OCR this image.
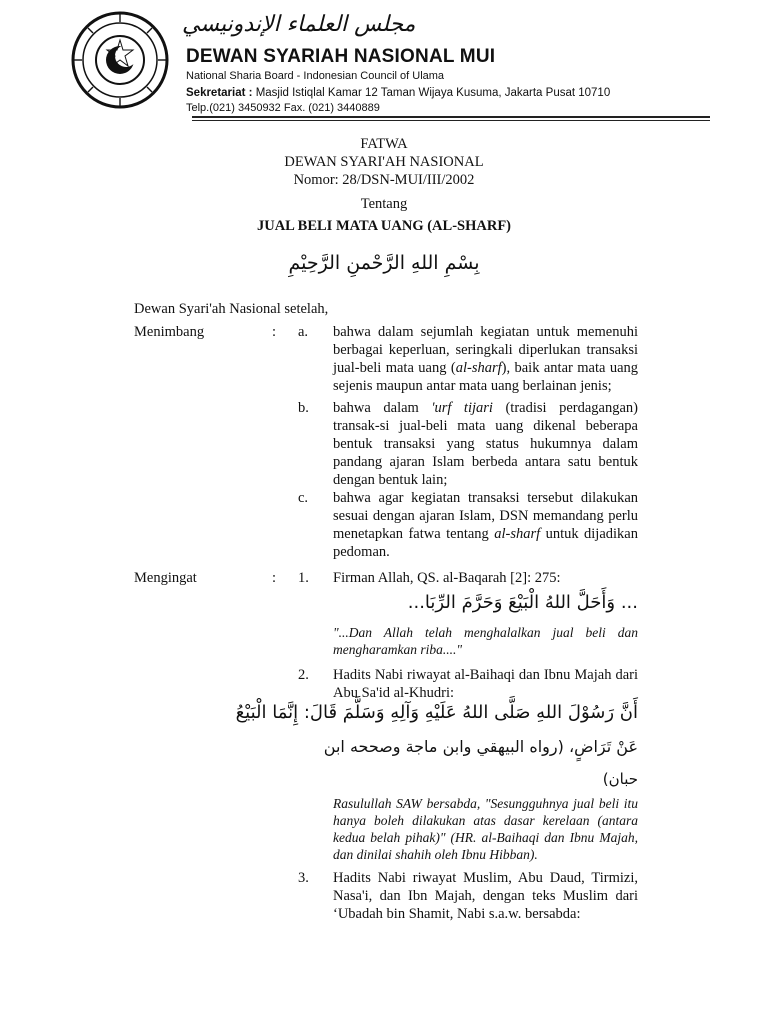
مجلس العلماء الإندونيسي
DEWAN SYARIAH NASIONAL MUI
National Sharia Board - Indonesian Council of Ulama
Sekretariat : Masjid Istiqlal Kamar 12 Taman Wijaya Kusuma, Jakarta Pusat 10710
Telp.(021) 3450932 Fax. (021) 3440889
FATWA
DEWAN SYARI'AH NASIONAL
Nomor: 28/DSN-MUI/III/2002
Tentang
JUAL BELI MATA UANG (AL-SHARF)
بِسْمِ اللهِ الرَّحْمنِ الرَّحِيْمِ
Dewan Syari'ah Nasional setelah,
Menimbang	: a. bahwa dalam sejumlah kegiatan untuk memenuhi berbagai keperluan, seringkali diperlukan transaksi jual-beli mata uang (al-sharf), baik antar mata uang sejenis maupun antar mata uang berlainan jenis;
b. bahwa dalam 'urf tijari (tradisi perdagangan) transak-si jual-beli mata uang dikenal beberapa bentuk transaksi yang status hukumnya dalam pandang ajaran Islam berbeda antara satu bentuk dengan bentuk lain;
c. bahwa agar kegiatan transaksi tersebut dilakukan sesuai dengan ajaran Islam, DSN memandang perlu menetapkan fatwa tentang al-sharf untuk dijadikan pedoman.
Mengingat	: 1. Firman Allah, QS. al-Baqarah [2]: 275:
... وَأَحَلَّ اللهُ الْبَيْعَ وَحَرَّمَ الرِّبَا...
"...Dan Allah telah menghalalkan jual beli dan mengharamkan riba...."
2. Hadits Nabi riwayat al-Baihaqi dan Ibnu Majah dari Abu Sa'id al-Khudri:
أَنَّ رَسُوْلَ اللهِ صَلَّى اللهُ عَلَيْهِ وَآلِهِ وَسَلَّمَ قَالَ: إِنَّمَا الْبَيْعُ
عَنْ تَرَاضٍ، (رواه البيهقي وابن ماجة وصححه ابن
حبان)
Rasulullah SAW bersabda, "Sesungguhnya jual beli itu hanya boleh dilakukan atas dasar kerelaan (antara kedua belah pihak)" (HR. al-Baihaqi dan Ibnu Majah, dan dinilai shahih oleh Ibnu Hibban).
3. Hadits Nabi riwayat Muslim, Abu Daud, Tirmizi, Nasa'i, dan Ibn Majah, dengan teks Muslim dari ‘Ubadah bin Shamit, Nabi s.a.w. bersabda:
